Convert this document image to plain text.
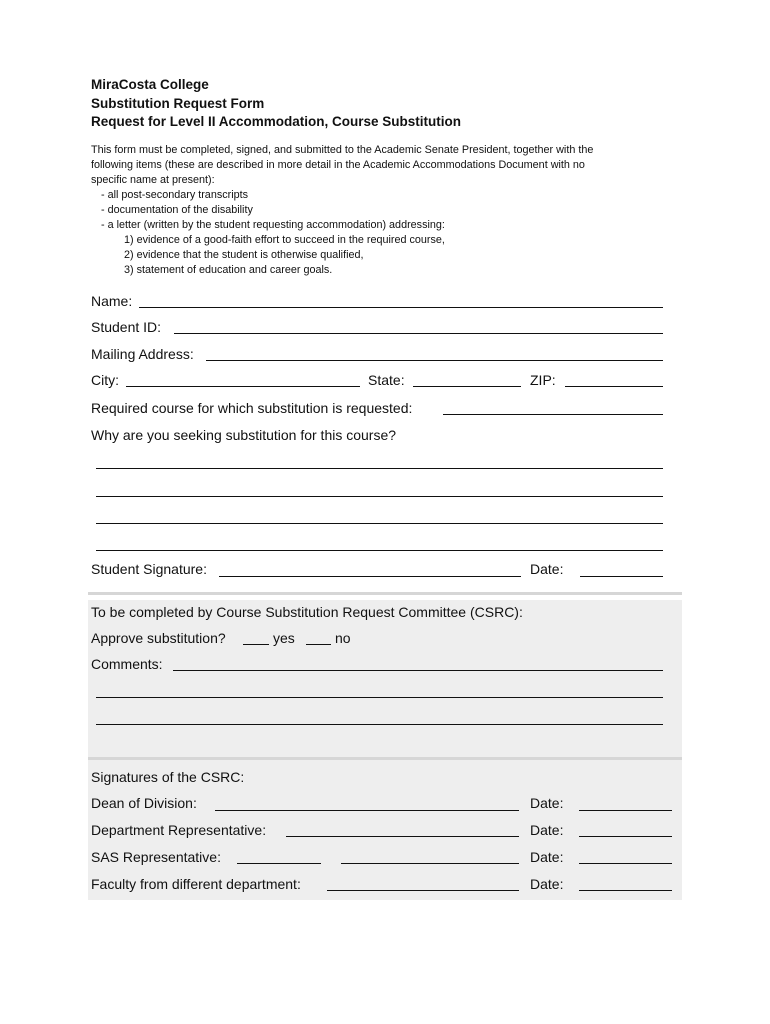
MiraCosta College
Substitution Request Form
Request for Level II Accommodation, Course Substitution

This form must be completed, signed, and submitted to the Academic Senate President, together with the

following items (these are described in more detail in the Academic Accommodations Document with no

specific name at present):

- all post-secondary transcripts
- documentation of the disability
- a letter (written by the student requesting accommodation) addressing:
1) evidence of a good-faith effort to succeed in the required course,
2) evidence that the student is otherwise qualified,
3) statement of education and career goals.
Name:
Student ID:
Mailing Address:
City:	State:	ZIP:
Required course for which substitution is requested:
Why are you seeking substitution for this course?
Student Signature:	Date:
To be completed by Course Substitution Request Committee (CSRC):
Approve substitution?	yes	no
Comments:
Signatures of the CSRC:
Dean of Division:	Date:
Department Representative:	Date:
SAS Representative:	Date:
Faculty from different department:	Date:
